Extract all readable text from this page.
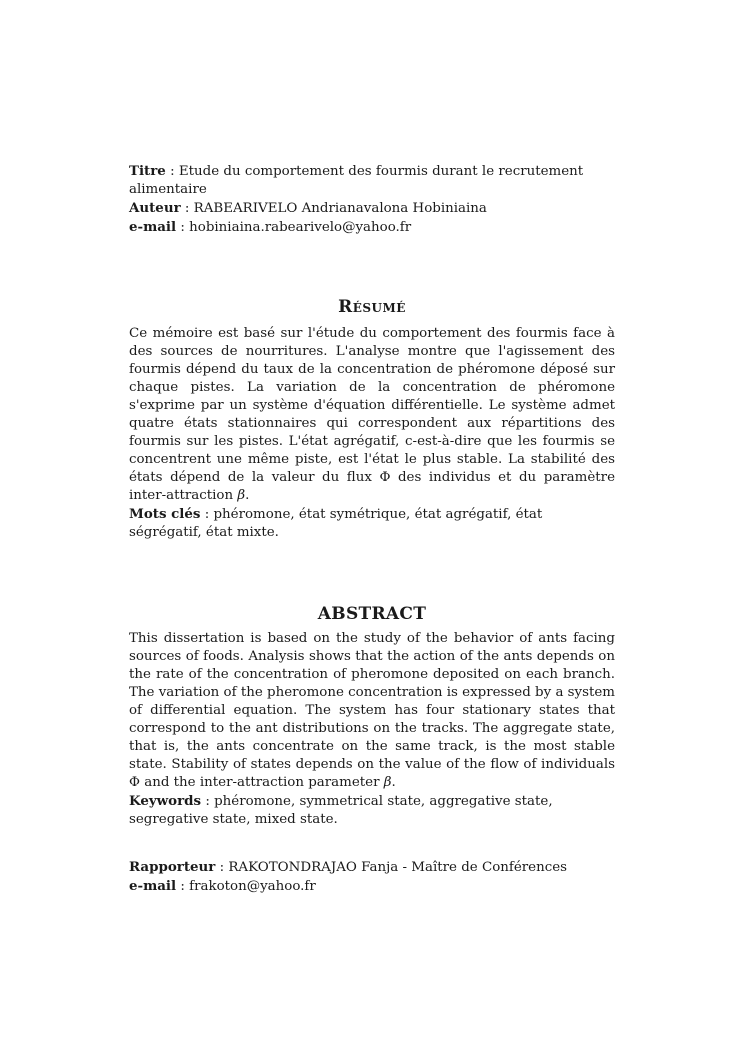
Titre : Etude du comportement des fourmis durant le recrutement alimentaire
Auteur : RABEARIVELO Andrianavalona Hobiniaina
e-mail : hobiniaina.rabearivelo@yahoo.fr
Résumé
Ce mémoire est basé sur l'étude du comportement des fourmis face à des sources de nourritures. L'analyse montre que l'agissement des fourmis dépend du taux de la concentration de phéromone déposé sur chaque pistes. La variation de la concentration de phéromone s'exprime par un système d'équation différentielle. Le système admet quatre états stationnaires qui correspondent aux répartitions des fourmis sur les pistes. L'état agrégatif, c-est-à-dire que les fourmis se concentrent une même piste, est l'état le plus stable. La stabilité des états dépend de la valeur du flux Φ des individus et du paramètre inter-attraction β.
Mots clés : phéromone, état symétrique, état agrégatif, état ségrégatif, état mixte.
ABSTRACT
This dissertation is based on the study of the behavior of ants facing sources of foods. Analysis shows that the action of the ants depends on the rate of the concentration of pheromone deposited on each branch. The variation of the pheromone concentration is expressed by a system of differential equation. The system has four stationary states that correspond to the ant distributions on the tracks. The aggregate state, that is, the ants concentrate on the same track, is the most stable state. Stability of states depends on the value of the flow of individuals Φ and the inter-attraction parameter β.
Keywords : phéromone, symmetrical state, aggregative state, segregative state, mixed state.
Rapporteur : RAKOTONDRAJAO Fanja - Maître de Conférences
e-mail : frakoton@yahoo.fr
